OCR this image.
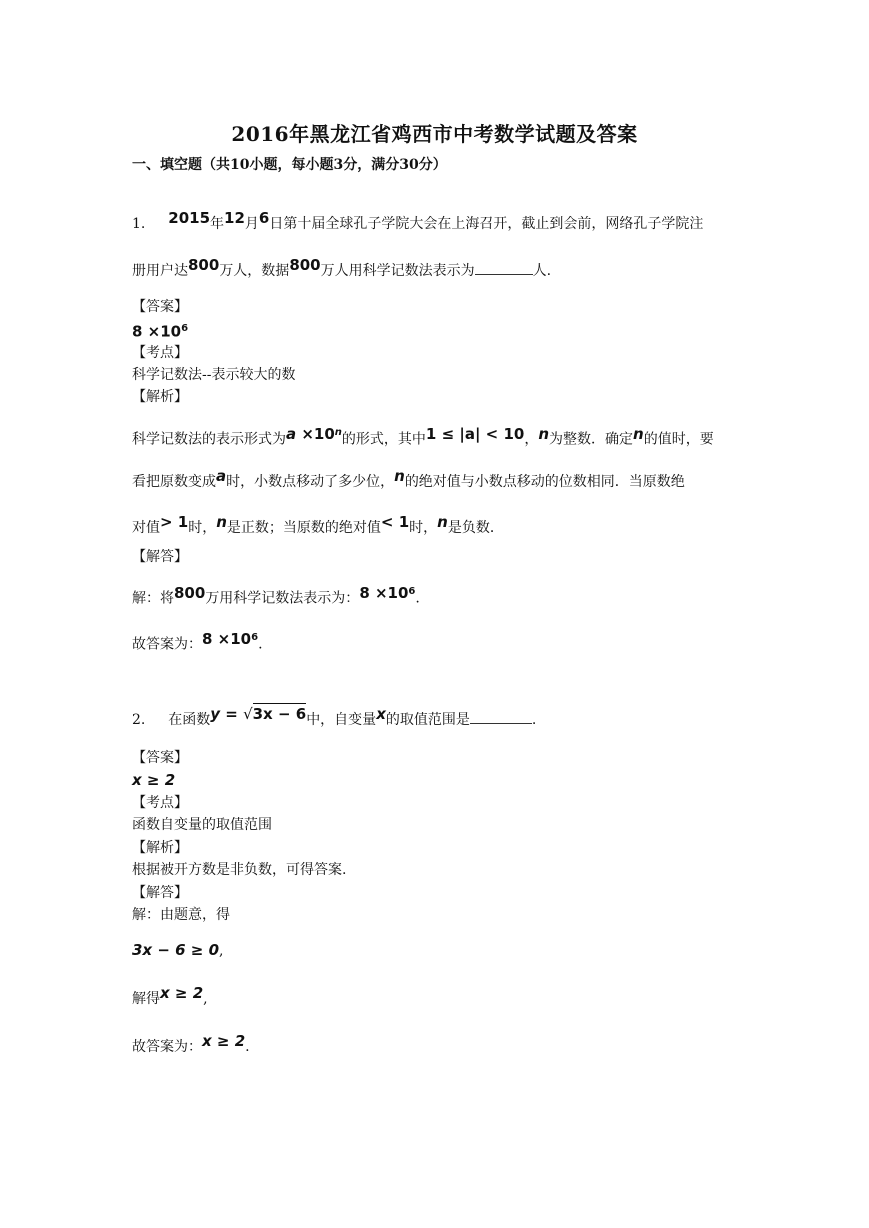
2016年黑龙江省鸡西市中考数学试题及答案
一、填空题（共10小题，每小题3分，满分30分）
1. 2015年12月6日第十届全球孔子学院大会在上海召开，截止到会前，网络孔子学院注
册用户达800万人，数据800万人用科学记数法表示为	人.
【答案】
$8 \times 10^6$
【考点】
科学记数法--表示较大的数
【解析】
科学记数法的表示形式为$a \times 10^n$的形式，其中1 ≤ |a| < 10，n为整数．确定n的值时，要
看把原数变成a时，小数点移动了多少位，n的绝对值与小数点移动的位数相同．当原数绝
对值> 1时，n是正数；当原数的绝对值< 1时，n是负数．
【解答】
解：将800万用科学记数法表示为：$8 \times 10^6$.
故答案为：$8 \times 10^6$.
2. 在函数y = √3x − 6中，自变量x的取值范围是	.
【答案】
x ≥ 2
【考点】
函数自变量的取值范围
【解析】
根据被开方数是非负数，可得答案.
【解答】
解：由题意，得
3x − 6 ≥ 0,
解得x ≥ 2,
故答案为：x ≥ 2.
